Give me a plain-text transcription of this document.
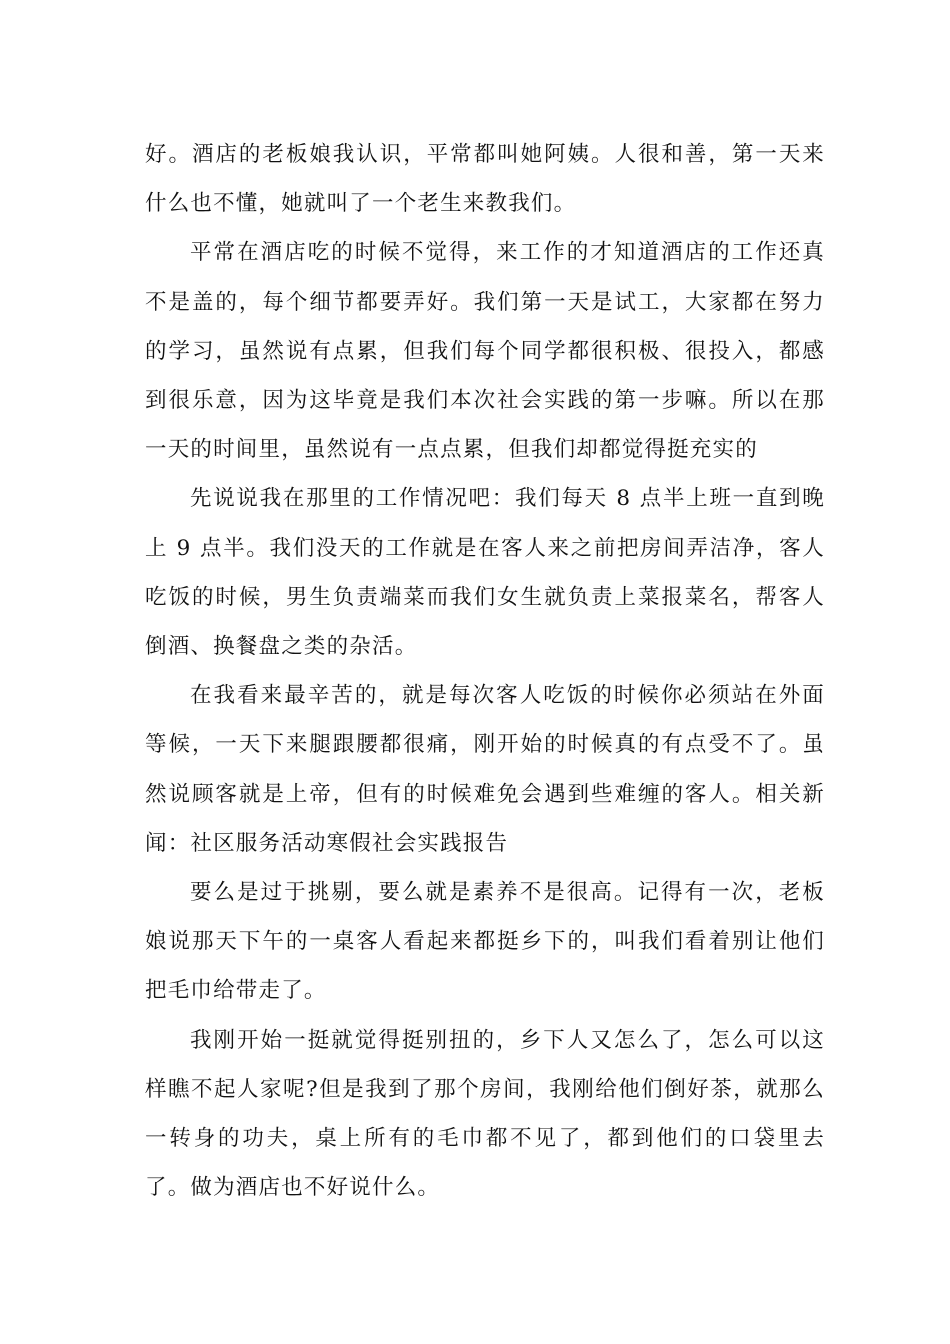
好。酒店的老板娘我认识，平常都叫她阿姨。人很和善，第一天来什么也不懂，她就叫了一个老生来教我们。

平常在酒店吃的时候不觉得，来工作的才知道酒店的工作还真不是盖的，每个细节都要弄好。我们第一天是试工，大家都在努力的学习，虽然说有点累，但我们每个同学都很积极、很投入，都感到很乐意，因为这毕竟是我们本次社会实践的第一步嘛。所以在那一天的时间里，虽然说有一点点累，但我们却都觉得挺充实的

先说说我在那里的工作情况吧：我们每天 8 点半上班一直到晚上 9 点半。我们没天的工作就是在客人来之前把房间弄洁净，客人吃饭的时候，男生负责端菜而我们女生就负责上菜报菜名，帮客人倒酒、换餐盘之类的杂活。

在我看来最辛苦的，就是每次客人吃饭的时候你必须站在外面等候，一天下来腿跟腰都很痛，刚开始的时候真的有点受不了。虽然说顾客就是上帝，但有的时候难免会遇到些难缠的客人。相关新闻：社区服务活动寒假社会实践报告

要么是过于挑剔，要么就是素养不是很高。记得有一次，老板娘说那天下午的一桌客人看起来都挺乡下的，叫我们看着别让他们把毛巾给带走了。

我刚开始一挺就觉得挺别扭的，乡下人又怎么了，怎么可以这样瞧不起人家呢?但是我到了那个房间，我刚给他们倒好茶，就那么一转身的功夫，桌上所有的毛巾都不见了，都到他们的口袋里去了。做为酒店也不好说什么。
